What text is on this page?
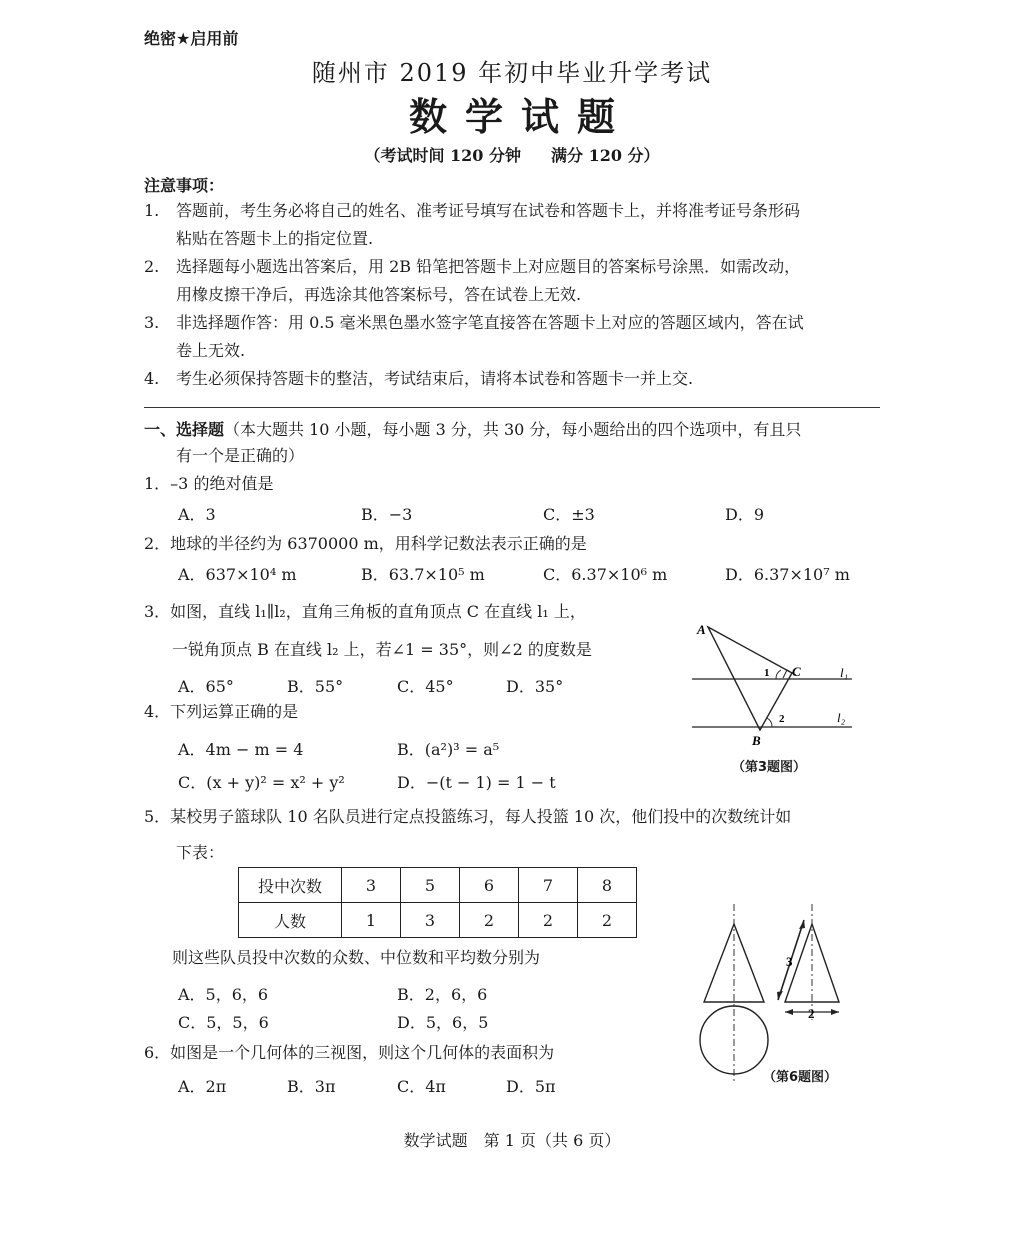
绝密★启用前
随州市 2019 年初中毕业升学考试
数学试题
（考试时间 120 分钟 满分 120 分）
注意事项：
1. 答题前，考生务必将自己的姓名、准考证号填写在试卷和答题卡上，并将准考证号条形码
粘贴在答题卡上的指定位置.
2. 选择题每小题选出答案后，用 2B 铅笔把答题卡上对应题目的答案标号涂黑．如需改动，
用橡皮擦干净后，再选涂其他答案标号，答在试卷上无效.
3. 非选择题作答：用 0.5 毫米黑色墨水签字笔直接答在答题卡上对应的答题区域内，答在试
卷上无效.
4. 考生必须保持答题卡的整洁，考试结束后，请将本试卷和答题卡一并上交.
一、选择题（本大题共 10 小题，每小题 3 分，共 30 分，每小题给出的四个选项中，有且只
有一个是正确的）
1．–3 的绝对值是
A．3	B．−3	C．±3	D．9
2．地球的半径约为 6370000 m，用科学记数法表示正确的是
A．637×10⁴ m	B．63.7×10⁵ m	C．6.37×10⁶ m	D．6.37×10⁷ m
3．如图，直线 l₁∥l₂，直角三角板的直角顶点 C 在直线 l₁ 上，
一锐角顶点 B 在直线 l₂ 上，若∠1 = 35°，则∠2 的度数是
A．65°	B．55°	C．45°	D．35°
4．下列运算正确的是
A．4m − m = 4	B．(a²)³ = a⁵
C．(x + y)² = x² + y²	D．−(t − 1) = 1 − t
5．某校男子篮球队 10 名队员进行定点投篮练习，每人投篮 10 次，他们投中的次数统计如
下表：
投中次数	3	5	6	7	8
人数	1	3	2	2	2
则这些队员投中次数的众数、中位数和平均数分别为
A．5，6，6	B．2，6，6
C．5，5，6	D．5，6，5
6．如图是一个几何体的三视图，则这个几何体的表面积为
A．2π	B．3π	C．4π	D．5π
A
B
C
1
2
l₁
l₂
（第3题图）
3
2
（第6题图）
数学试题　第 1 页（共 6 页）
